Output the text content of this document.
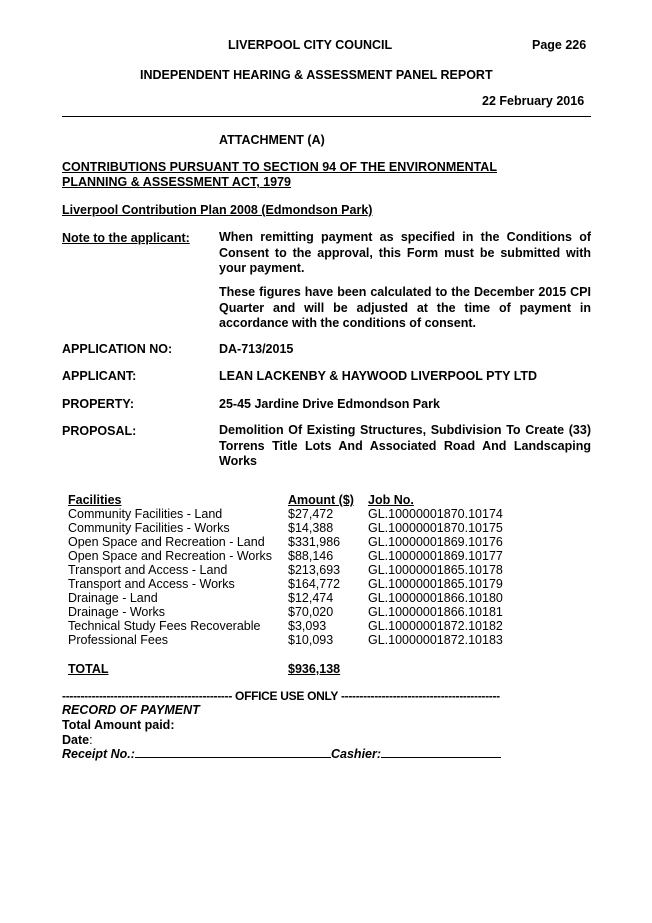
LIVERPOOL CITY COUNCIL	Page 226
INDEPENDENT HEARING & ASSESSMENT PANEL REPORT
22 February 2016
ATTACHMENT (A)
CONTRIBUTIONS PURSUANT TO SECTION 94 OF THE ENVIRONMENTAL
PLANNING & ASSESSMENT ACT, 1979
Liverpool Contribution Plan 2008 (Edmondson Park)
Note to the applicant: When remitting payment as specified in the Conditions of Consent to the approval, this Form must be submitted with your payment.
These figures have been calculated to the December 2015 CPI Quarter and will be adjusted at the time of payment in accordance with the conditions of consent.
APPLICATION NO:	DA-713/2015
APPLICANT:	LEAN LACKENBY & HAYWOOD LIVERPOOL PTY LTD
PROPERTY:	25-45 Jardine Drive Edmondson Park
PROPOSAL:	Demolition Of Existing Structures, Subdivision To Create (33) Torrens Title Lots And Associated Road And Landscaping Works
Facilities	Amount ($) Job No.
Community Facilities - Land	$27,472	GL.10000001870.10174
Community Facilities - Works	$14,388	GL.10000001870.10175
Open Space and Recreation - Land $331,986 GL.10000001869.10176
Open Space and Recreation - Works $88,146	GL.10000001869.10177
Transport and Access - Land	$213,693 GL.10000001865.10178
Transport and Access - Works	$164,772 GL.10000001865.10179
Drainage - Land	$12,474	GL.10000001866.10180
Drainage - Works	$70,020	GL.10000001866.10181
Technical Study Fees Recoverable $3,093	GL.10000001872.10182
Professional Fees	$10,093	GL.10000001872.10183
TOTAL	$936,138
---------------------------------------------- OFFICE USE ONLY -------------------------------------------
RECORD OF PAYMENT
Total Amount paid:
Date:
Receipt No.:	Cashier:
